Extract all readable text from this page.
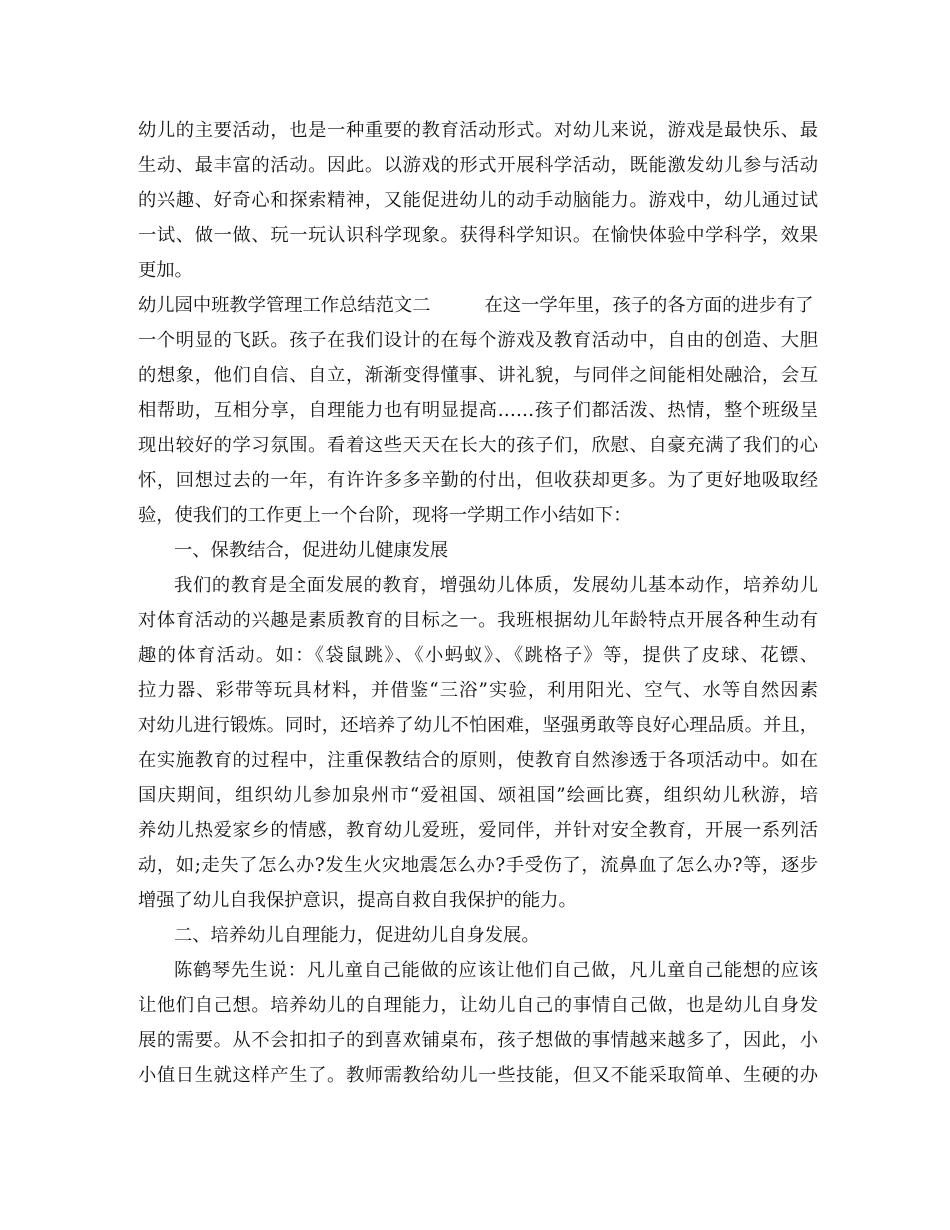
幼儿的主要活动，也是一种重要的教育活动形式。对幼儿来说，游戏是最快乐、最
生动、最丰富的活动。因此。以游戏的形式开展科学活动，既能激发幼儿参与活动
的兴趣、好奇心和探索精神，又能促进幼儿的动手动脑能力。游戏中，幼儿通过试
一试、做一做、玩一玩认识科学现象。获得科学知识。在愉快体验中学科学，效果
更加。
幼儿园中班教学管理工作总结范文二	在这一学年里，孩子的各方面的进步有了
一个明显的飞跃。孩子在我们设计的在每个游戏及教育活动中，自由的创造、大胆
的想象，他们自信、自立，渐渐变得懂事、讲礼貌，与同伴之间能相处融洽，会互
相帮助，互相分享，自理能力也有明显提高……孩子们都活泼、热情，整个班级呈
现出较好的学习氛围。看着这些天天在长大的孩子们，欣慰、自豪充满了我们的心
怀，回想过去的一年，有许许多多辛勤的付出，但收获却更多。为了更好地吸取经
验，使我们的工作更上一个台阶，现将一学期工作小结如下：
一、保教结合，促进幼儿健康发展
我们的教育是全面发展的教育，增强幼儿体质，发展幼儿基本动作，培养幼儿
对体育活动的兴趣是素质教育的目标之一。我班根据幼儿年龄特点开展各种生动有
趣的体育活动。如：《袋鼠跳》、《小蚂蚁》、《跳格子》等，提供了皮球、花镖、
拉力器、彩带等玩具材料，并借鉴“三浴”实验，利用阳光、空气、水等自然因素
对幼儿进行锻炼。同时，还培养了幼儿不怕困难，坚强勇敢等良好心理品质。并且，
在实施教育的过程中，注重保教结合的原则，使教育自然渗透于各项活动中。如在
国庆期间，组织幼儿参加泉州市“爱祖国、颂祖国”绘画比赛，组织幼儿秋游，培
养幼儿热爱家乡的情感，教育幼儿爱班，爱同伴，并针对安全教育，开展一系列活
动，如;走失了怎么办?发生火灾地震怎么办?手受伤了，流鼻血了怎么办?等，逐步
增强了幼儿自我保护意识，提高自救自我保护的能力。
二、培养幼儿自理能力，促进幼儿自身发展。
陈鹤琴先生说：凡儿童自己能做的应该让他们自己做，凡儿童自己能想的应该
让他们自己想。培养幼儿的自理能力，让幼儿自己的事情自己做，也是幼儿自身发
展的需要。从不会扣扣子的到喜欢铺桌布，孩子想做的事情越来越多了，因此，小
小值日生就这样产生了。教师需教给幼儿一些技能，但又不能采取简单、生硬的办
